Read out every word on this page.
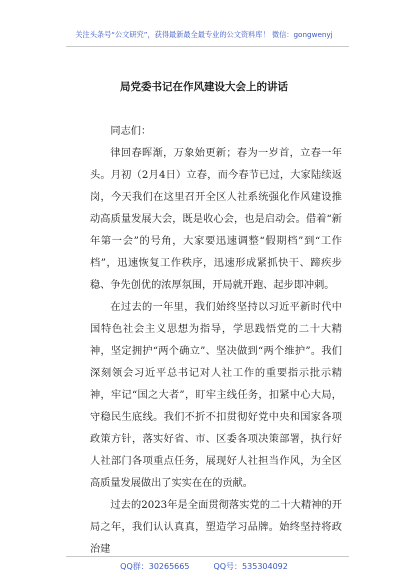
关注头条号“公文研究”，获得最新最全最专业的公文资料库！ 微信：gongwenyj
局党委书记在作风建设大会上的讲话

同志们：

律回春晖渐，万象始更新；春为一岁首，立春一年头。月初（2月4日）立春，而今春节已过，大家陆续返岗，今天我们在这里召开全区人社系统强化作风建设推动高质量发展大会，既是收心会，也是启动会。借着“新年第一会”的号角，大家要迅速调整“假期档”到“工作档”，迅速恢复工作秩序，迅速形成紧抓快干、蹄疾步稳、争先创优的浓厚氛围，开局就开跑、起步即冲刺。

在过去的一年里，我们始终坚持以习近平新时代中国特色社会主义思想为指导，学思践悟党的二十大精神，坚定拥护“两个确立”、坚决做到“两个维护”。我们深刻领会习近平总书记对人社工作的重要指示批示精神，牢记“国之大者”，盯牢主线任务，扣紧中心大局，守稳民生底线。我们不折不扣贯彻好党中央和国家各项政策方针，落实好省、市、区委各项决策部署，执行好人社部门各项重点任务，展现好人社担当作风，为全区高质量发展做出了实实在在的贡献。

过去的2023年是全面贯彻落实党的二十大精神的开局之年，我们认认真真，塑造学习品牌。始终坚持将政治建

QQ群：30265665	QQ号：535304092
